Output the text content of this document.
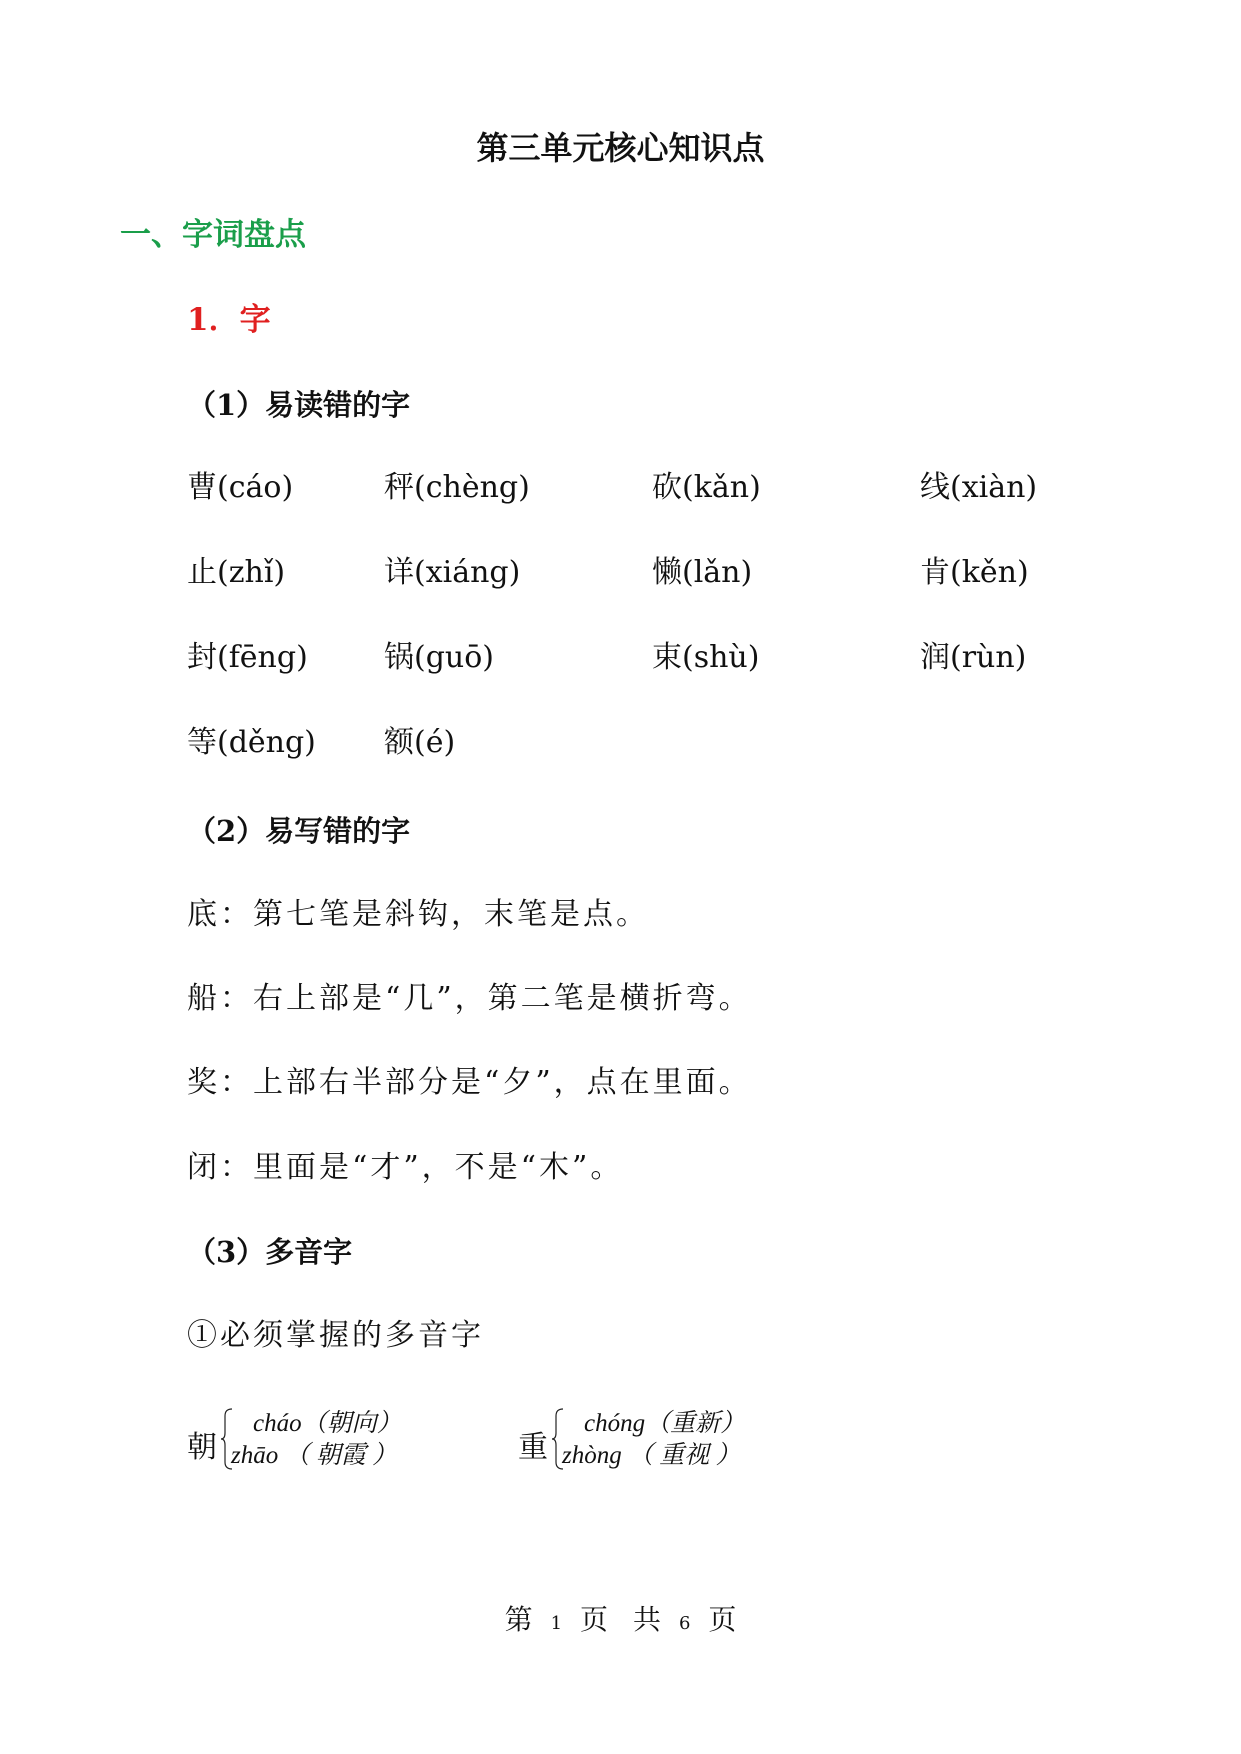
第三单元核心知识点
一、字词盘点
1．字
（1）易读错的字
曹(cáo)	秤(chèng)	砍(kǎn)	线(xiàn)
止(zhǐ)	详(xiáng)	懒(lǎn)	肯(kěn)
封(fēng)	锅(guō)	束(shù)	润(rùn)
等(děng)	额(é)
（2）易写错的字
底：第七笔是斜钩，末笔是点。
船：右上部是“几”，第二笔是横折弯。
奖：上部右半部分是“夕”，点在里面。
闭：里面是“才”，不是“木”。
（3）多音字
①必须掌握的多音字
朝
cháo（朝向）
zhāo （ 朝霞 ）	重
chóng（重新）
zhòng （ 重视 ）
第 1 页 共 6 页
